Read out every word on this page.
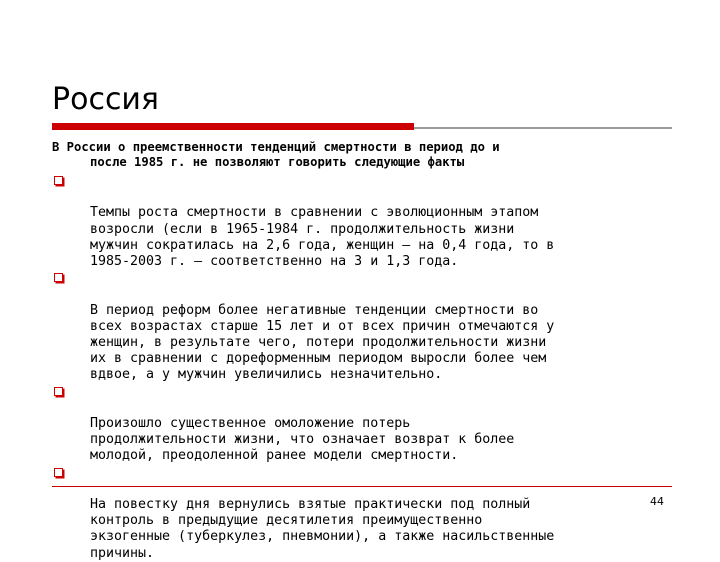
Россия
В России о преемственности тенденций смертности в период до и
после 1985 г. не позволяют говорить следующие факты

Темпы роста смертности в сравнении с эволюционным этапом
возросли (если в 1965-1984 г. продолжительность жизни
мужчин сократилась на 2,6 года, женщин – на 0,4 года, то в
1985-2003 г. – соответственно на 3 и 1,3 года.

В период реформ более негативные тенденции смертности во
всех возрастах старше 15 лет и от всех причин отмечаются у
женщин, в результате чего, потери продолжительности жизни
их в сравнении с дореформенным периодом выросли более чем
вдвое, а у мужчин увеличились незначительно.

Произошло существенное омоложение потерь
продолжительности жизни, что означает возврат к более
молодой, преодоленной ранее модели смертности.

На повестку дня вернулись взятые практически под полный
контроль в предыдущие десятилетия преимущественно
экзогенные (туберкулез, пневмонии), а также насильственные
причины.

44
